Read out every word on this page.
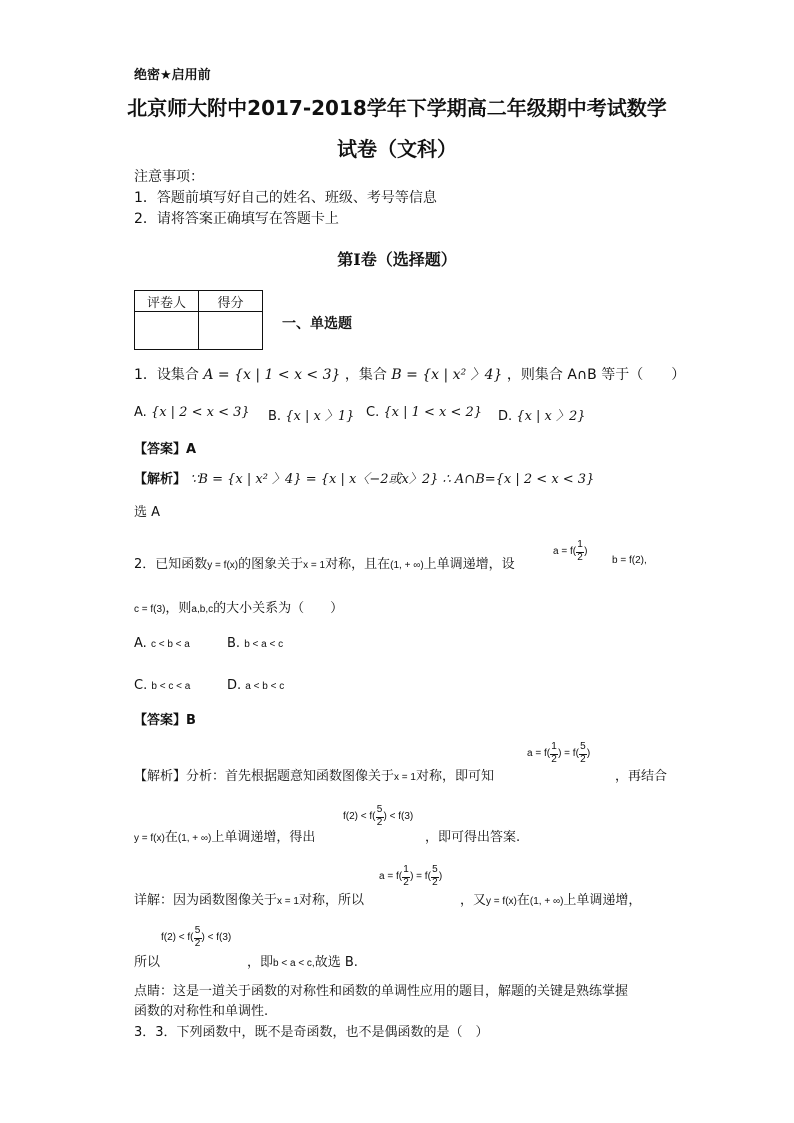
绝密★启用前
北京师大附中2017-2018学年下学期高二年级期中考试数学
试卷（文科）
注意事项：
1．答题前填写好自己的姓名、班级、考号等信息
2．请将答案正确填写在答题卡上
第I卷（选择题）
评卷人	得分

一、单选题
1．设集合 A = {x | 1 < x < 3} ，集合 B = {x | x² 〉4} ，则集合 A∩B 等于（　　）
A. {x | 2 < x < 3} B. {x | x 〉1} C. {x | 1 < x < 2} D. {x | x 〉2}
【答案】A
【解析】 ∵B = {x | x² 〉4} = {x | x〈−2或x〉2} ∴ A∩B={x | 2 < x < 3}
选 A
2．已知函数y = f(x)的图象关于x = 1对称，且在(1, + ∞)上单调递增，设
$a = f( \frac{1}{2}$ )
b = f(2),
c = f(3)，则a,b,c的大小关系为（　　）
A. c < b < a	B. b < a < c
C. b < c < a	D. a < b < c
【答案】B
【解析】分析：首先根据题意知函数图像关于x = 1对称，即可知
$a = f( \frac{1}{2}$ ) = $f( \frac{5}{2}$ )
，再结合
y = f(x)在(1, + ∞)上单调递增，得出
$f(2) < f( \frac{5}{2}$ ) < f(3)
，即可得出答案.
详解：因为函数图像关于x = 1对称，所以
$a = f( \frac{1}{2}$ ) = $f( \frac{5}{2}$ )
，又y = f(x)在(1, + ∞)上单调递增，
$f(2) < f( \frac{5}{2}$ ) < f(3)
所以	，即b < a < c,故选 B.
点睛：这是一道关于函数的对称性和函数的单调性应用的题目，解题的关键是熟练掌握
函数的对称性和单调性.
3．3．下列函数中，既不是奇函数，也不是偶函数的是（　）
